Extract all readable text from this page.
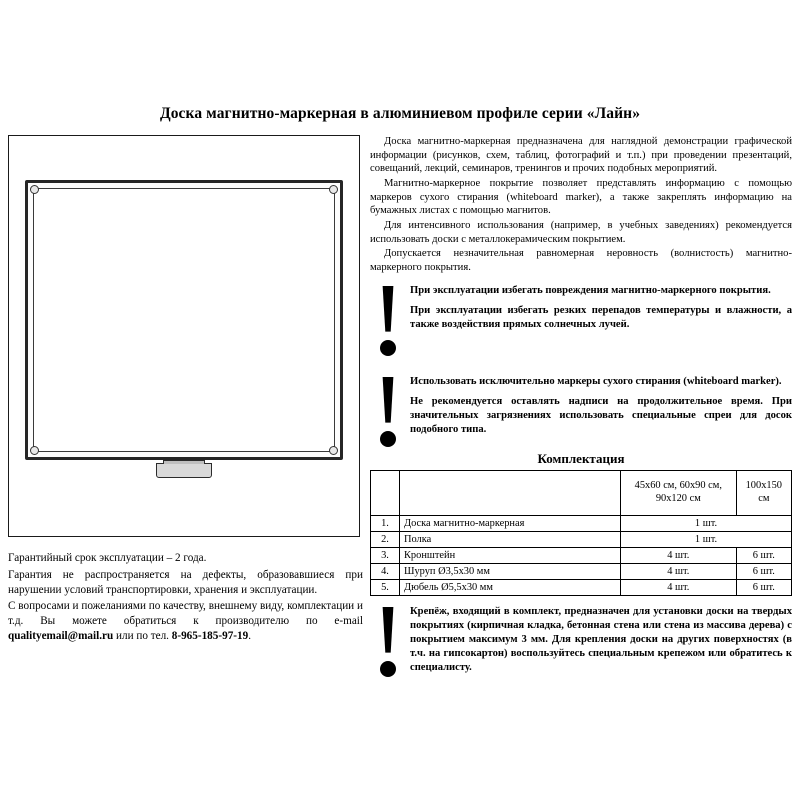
Доска магнитно-маркерная в алюминиевом профиле серии «Лайн»

Гарантийный срок эксплуатации – 2 года.

Гарантия не распространяется на дефекты, образовавшиеся при нарушении условий транспортировки, хранения и эксплуатации.

С вопросами и пожеланиями по качеству, внешнему виду, комплектации и т.д. Вы можете обратиться к производителю по e-mail qualityemail@mail.ru или по тел. 8-965-185-97-19.

Доска магнитно-маркерная предназначена для наглядной демонстрации графической информации (рисунков, схем, таблиц, фотографий и т.п.) при проведении презентаций, совещаний, лекций, семинаров, тренингов и прочих подобных мероприятий.

Магнитно-маркерное покрытие позволяет представлять информацию с помощью маркеров сухого стирания (whiteboard marker), а также закреплять информацию на бумажных листах с помощью магнитов.

Для интенсивного использования (например, в учебных заведениях) рекомендуется использовать доски с металлокерамическим покрытием.

Допускается незначительная равномерная неровность (волнистость) магнитно-маркерного покрытия.

При эксплуатации избегать повреждения магнитно-маркерного покрытия.

При эксплуатации избегать резких перепадов температуры и влажности, а также воздействия прямых солнечных лучей.

Использовать исключительно маркеры сухого стирания (whiteboard marker).

Не рекомендуется оставлять надписи на продолжительное время. При значительных загрязнениях использовать специальные спреи для досок подобного типа.

Комплектация
		45х60 см, 60х90 см, 90х120 см	100х150 см
1.	Доска магнитно-маркерная	1 шт.	
2.	Полка	1 шт.	
3.	Кронштейн	4 шт.	6 шт.
4.	Шуруп Ø3,5х30 мм	4 шт.	6 шт.
5.	Дюбель Ø5,5х30 мм	4 шт.	6 шт.

Крепёж, входящий в комплект, предназначен для установки доски на твердых покрытиях (кирпичная кладка, бетонная стена или стена из массива дерева) с покрытием максимум 3 мм. Для крепления доски на других поверхностях (в т.ч. на гипсокартон) воспользуйтесь специальным крепежом или обратитесь к специалисту.
